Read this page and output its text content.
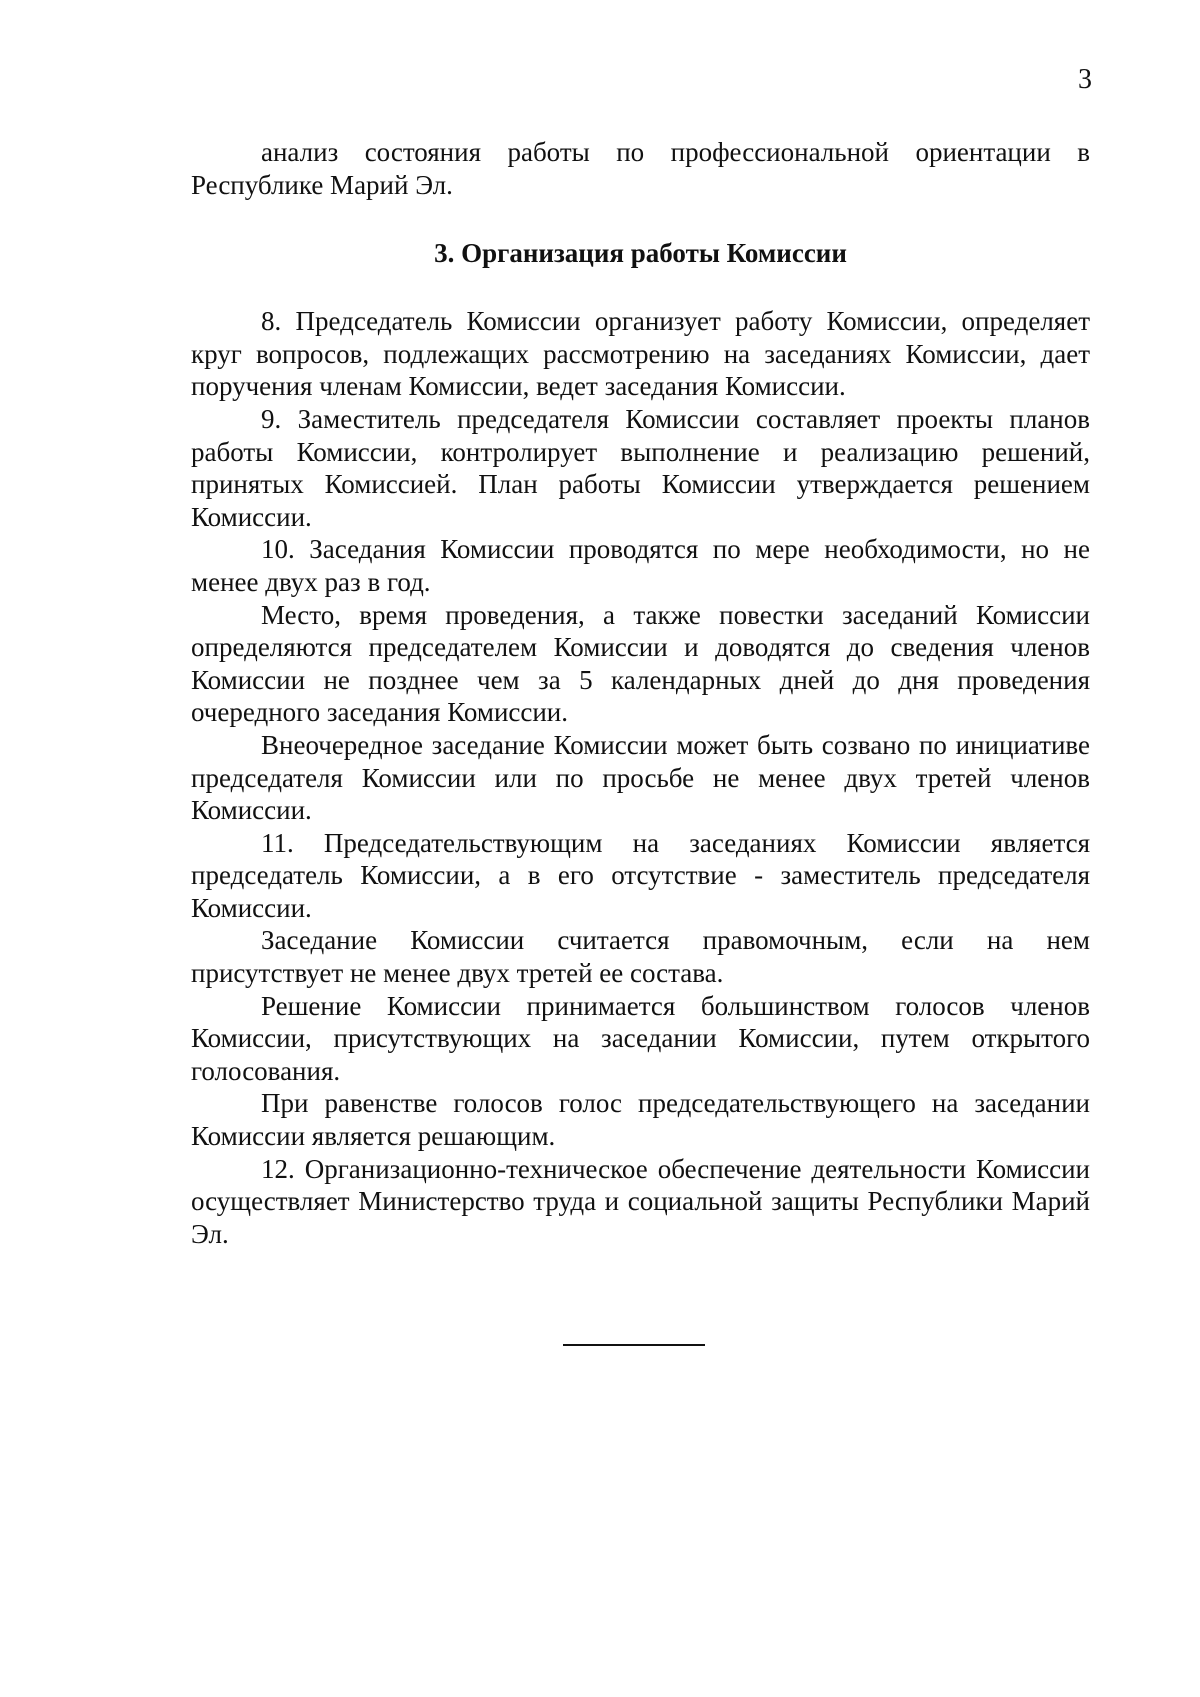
3

анализ состояния работы по профессиональной ориентации в Республике Марий Эл.

3. Организация работы Комиссии

8. Председатель Комиссии организует работу Комиссии, определяет круг вопросов, подлежащих рассмотрению на заседаниях Комиссии, дает поручения членам Комиссии, ведет заседания Комиссии.

9. Заместитель председателя Комиссии составляет проекты планов работы Комиссии, контролирует выполнение и реализацию решений, принятых Комиссией. План работы Комиссии утверждается решением Комиссии.

10. Заседания Комиссии проводятся по мере необходимости, но не менее двух раз в год.

Место, время проведения, а также повестки заседаний Комиссии определяются председателем Комиссии и доводятся до сведения членов Комиссии не позднее чем за 5 календарных дней до дня проведения очередного заседания Комиссии.

Внеочередное заседание Комиссии может быть созвано по инициативе председателя Комиссии или по просьбе не менее двух третей членов Комиссии.

11. Председательствующим на заседаниях Комиссии является председатель Комиссии, а в его отсутствие - заместитель председателя Комиссии.

Заседание Комиссии считается правомочным, если на нем присутствует не менее двух третей ее состава.

Решение Комиссии принимается большинством голосов членов Комиссии, присутствующих на заседании Комиссии, путем открытого голосования.

При равенстве голосов голос председательствующего на заседании Комиссии является решающим.

12. Организационно-техническое обеспечение деятельности Комиссии осуществляет Министерство труда и социальной защиты Республики Марий Эл.
